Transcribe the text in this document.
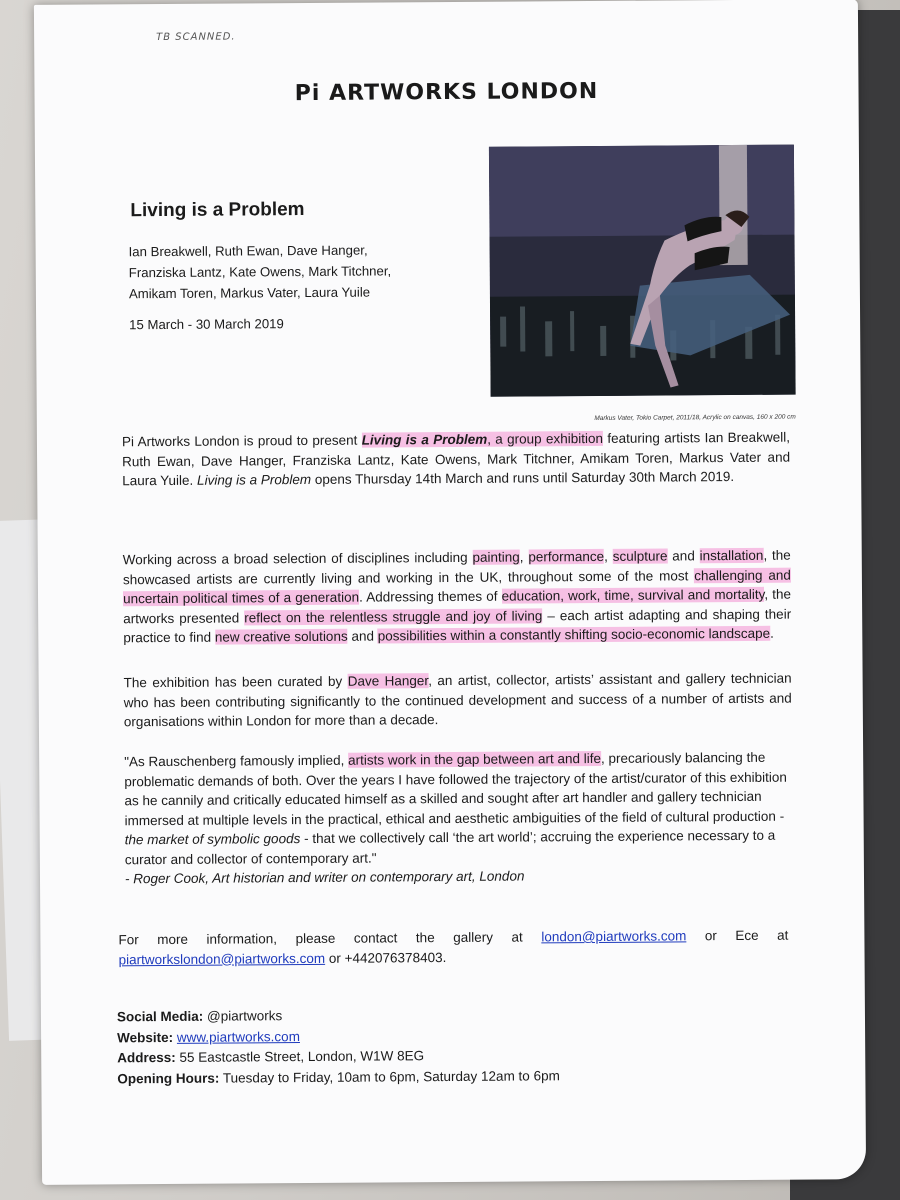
TB SCANNED.
Pi ARTWORKS LONDON
Living is a Problem
Ian Breakwell, Ruth Ewan, Dave Hanger,
Franziska Lantz, Kate Owens, Mark Titchner,
Amikam Toren, Markus Vater, Laura Yuile
15 March - 30 March 2019
Markus Vater, Tokio Carpet, 2011/18, Acrylic on canvas, 160 x 200 cm

Pi Artworks London is proud to present Living is a Problem, a group exhibition featuring artists Ian Breakwell, Ruth Ewan, Dave Hanger, Franziska Lantz, Kate Owens, Mark Titchner, Amikam Toren, Markus Vater and Laura Yuile. Living is a Problem opens Thursday 14th March and runs until Saturday 30th March 2019.

Working across a broad selection of disciplines including painting, performance, sculpture and installation, the showcased artists are currently living and working in the UK, throughout some of the most challenging and uncertain political times of a generation. Addressing themes of education, work, time, survival and mortality, the artworks presented reflect on the relentless struggle and joy of living – each artist adapting and shaping their practice to find new creative solutions and possibilities within a constantly shifting socio-economic landscape.

The exhibition has been curated by Dave Hanger, an artist, collector, artists’ assistant and gallery technician who has been contributing significantly to the continued development and success of a number of artists and organisations within London for more than a decade.

"As Rauschenberg famously implied, artists work in the gap between art and life, precariously balancing the problematic demands of both. Over the years I have followed the trajectory of the artist/curator of this exhibition as he cannily and critically educated himself as a skilled and sought after art handler and gallery technician immersed at multiple levels in the practical, ethical and aesthetic ambiguities of the field of cultural production - the market of symbolic goods - that we collectively call ‘the art world’; accruing the experience necessary to a curator and collector of contemporary art."

- Roger Cook, Art historian and writer on contemporary art, London

For more information, please contact the gallery at london@piartworks.com or Ece at piartworkslondon@piartworks.com or +442076378403.
Social Media: @piartworks
Website: www.piartworks.com
Address: 55 Eastcastle Street, London, W1W 8EG
Opening Hours: Tuesday to Friday, 10am to 6pm, Saturday 12am to 6pm
